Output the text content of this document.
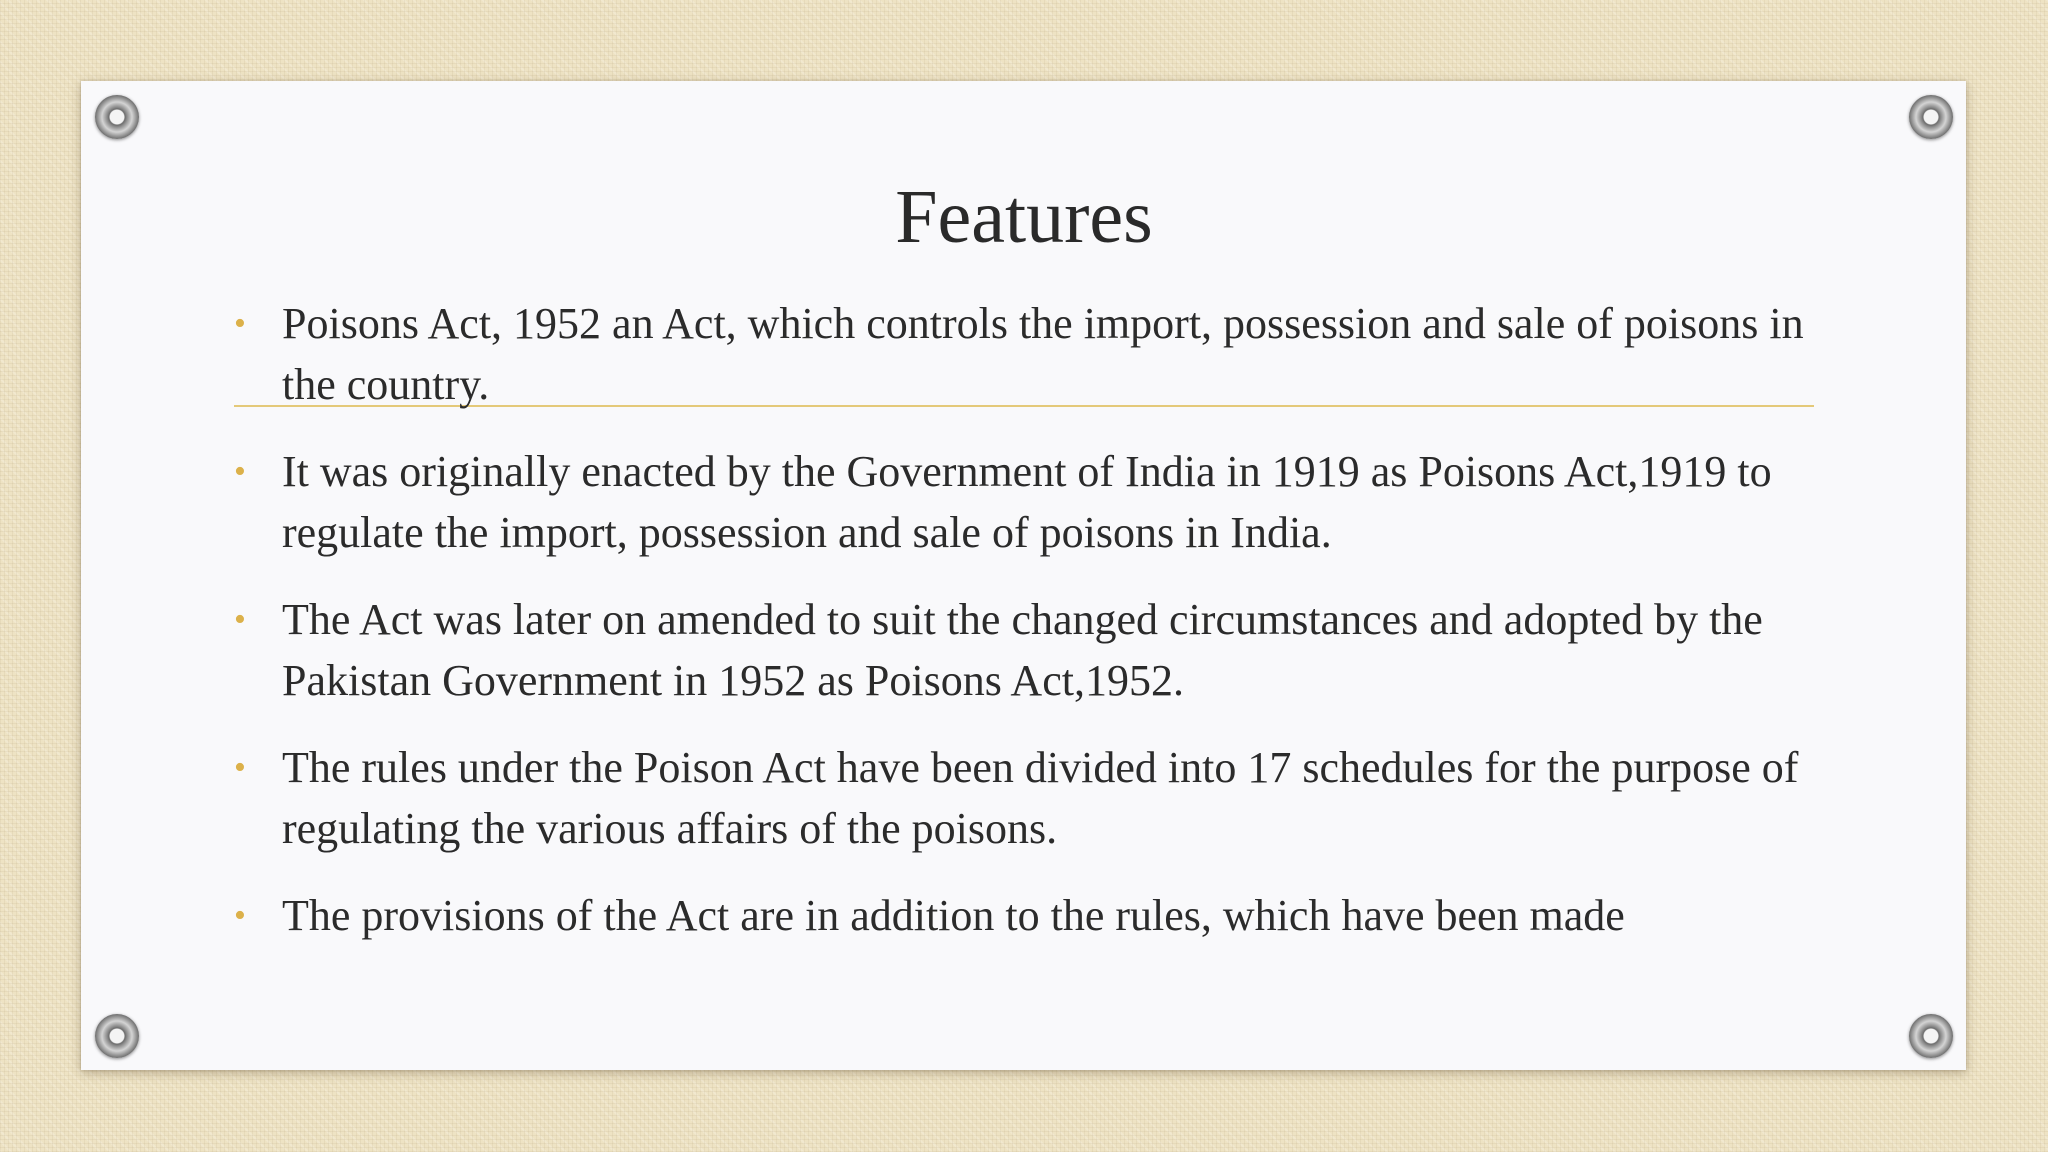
Features
• Poisons Act, 1952 an Act, which controls the import, possession and sale of poisons in the country.
• It was originally enacted by the Government of India in 1919 as Poisons Act,1919 to regulate the import, possession and sale of poisons in India.
• The Act was later on amended to suit the changed circumstances and adopted by the Pakistan Government in 1952 as Poisons Act,1952.
• The rules under the Poison Act have been divided into 17 schedules for the purpose of regulating the various affairs of the poisons.
• The provisions of the Act are in addition to the rules, which have been made
